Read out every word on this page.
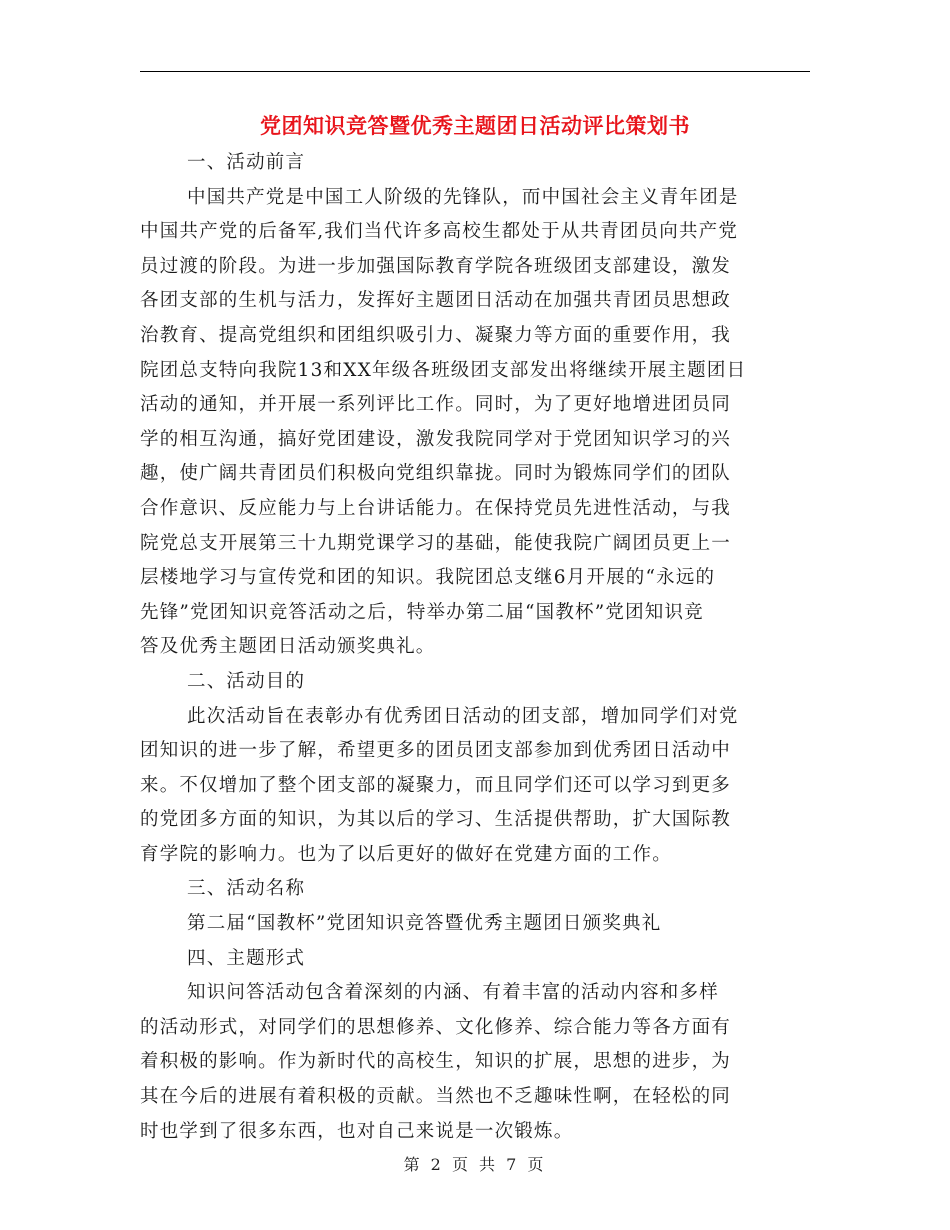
党团知识竞答暨优秀主题团日活动评比策划书
一、活动前言
中国共产党是中国工人阶级的先锋队，而中国社会主义青年团是
中国共产党的后备军,我们当代许多高校生都处于从共青团员向共产党
员过渡的阶段。为进一步加强国际教育学院各班级团支部建设，激发
各团支部的生机与活力，发挥好主题团日活动在加强共青团员思想政
治教育、提高党组织和团组织吸引力、凝聚力等方面的重要作用，我
院团总支特向我院13和XX年级各班级团支部发出将继续开展主题团日
活动的通知，并开展一系列评比工作。同时，为了更好地增进团员同
学的相互沟通，搞好党团建设，激发我院同学对于党团知识学习的兴
趣，使广阔共青团员们积极向党组织靠拢。同时为锻炼同学们的团队
合作意识、反应能力与上台讲话能力。在保持党员先进性活动，与我
院党总支开展第三十九期党课学习的基础，能使我院广阔团员更上一
层楼地学习与宣传党和团的知识。我院团总支继6月开展的“永远的
先锋”党团知识竞答活动之后，特举办第二届“国教杯”党团知识竞
答及优秀主题团日活动颁奖典礼。
二、活动目的
此次活动旨在表彰办有优秀团日活动的团支部，增加同学们对党
团知识的进一步了解，希望更多的团员团支部参加到优秀团日活动中
来。不仅增加了整个团支部的凝聚力，而且同学们还可以学习到更多
的党团多方面的知识，为其以后的学习、生活提供帮助，扩大国际教
育学院的影响力。也为了以后更好的做好在党建方面的工作。
三、活动名称
第二届“国教杯”党团知识竞答暨优秀主题团日颁奖典礼
四、主题形式
知识问答活动包含着深刻的内涵、有着丰富的活动内容和多样
的活动形式，对同学们的思想修养、文化修养、综合能力等各方面有
着积极的影响。作为新时代的高校生，知识的扩展，思想的进步，为
其在今后的进展有着积极的贡献。当然也不乏趣味性啊，在轻松的同
时也学到了很多东西，也对自己来说是一次锻炼。
第 2 页 共 7 页
